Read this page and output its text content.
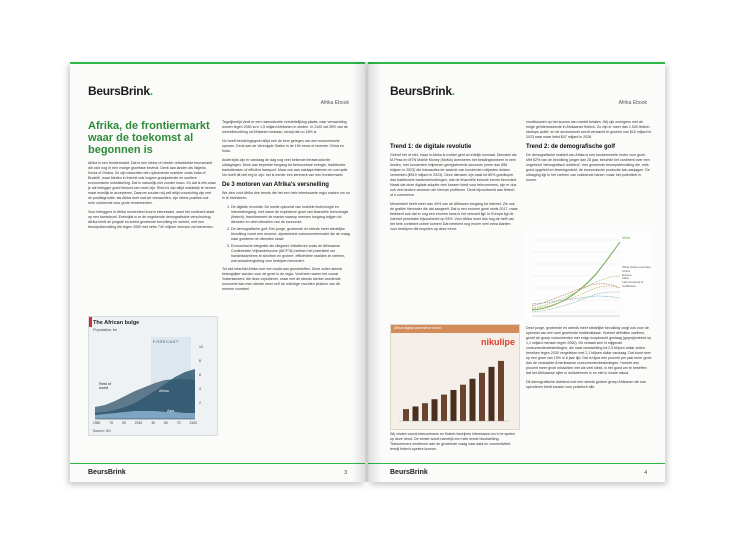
BeursBrink.
Afrika Ebook

Afrika, de frontiermarkt waar de toekomst al begonnen is

Afrika is een frontiermarkt. Dat is een kleine of minder ontwikkelde beursmarkt die zich nog in een vroege groeifase bevindt. Denk aan landen als Nigeria, Kenia of Ghana. Ze zijn misschien den opkomende markten zoals India of Brazilië, maar bieden in theorie ook hogere groeipotentie en snellere economische ontwikkeling. Dat is natuurlijk niet zonder risico. En dat is iets waar je als belegger goed bewust van moet zijn. Risico's zijn altijd makkelijk te nemen maar moeilijk te accepteren. Daarom zouden wij zelf altijd voorzichtig zijn met de positiegrootte: als Afrika doet wat we verwachten, zijn kleine posities ook ruim voldoende voor grote rendementen.

Voor beleggers is Afrika momenteel enorm interessant, want het continent staat op een kantelpunt. Enerzijds is er de ongekende demografische verschuiving. Afrika heeft de jongste en snelst groeiende bevolking ter wereld, met een beroepsbevolking die tegen 2050 met netto 740 miljoen mensen zal toenemen.

The African bulge
Population, bn
FORECAST
Rest of world
Africa
Asia
10
8
6
4
2
1950	70	90	2010	30	50	70	2100
Source: UN

Tegelijkertijd vindt er een razendsnelle verstedelijking plaats; naar verwachting wonen tegen 2050 zo'n 1,5 miljard Afrikanen in steden. In 2100 zal 39% van de wereldbevolking uit Afrikanen bestaan, terwijl dat nu 18% is.

Nu heeft bevolkingsgroei altijd een de kern gelegen van een economische opmars. Denk aan de Verenigde Staten in de 19e eeuw of recenter China en India.

Anderzijds zijn er vandaag de dag nog veel bekende infrastructurele uitdagingen. Denk aan beperkte toegang tot betrouwbare energie, traditionele bankdiensten of efficiënt transport. Maar ook aan valutaproblemen en corruptie. Nu hoeft dit niet erg te zijn: het is eerder een kenmerk van een frontiermarkt.

De 3 motoren van Afrika's versnelling

We zien voor Afrika drie trends die het een hele interessante regio maken om nu in te investeren.

1. De digitale revolutie: De snelle opkomst van mobiele technologie en internettoegang, met name de explosieve groei van financiële technologie (fintech), transformeert de manier waarop mensen toegang krijgen tot diensten en deel uitmaken van de economie.
2. De demografische golf: Een jonge, groeiende en steeds meer stedelijke bevolking vormt een enorme, dynamische consumentenmarkt die de vraag naar goederen en diensten stuwt.
3. Economische integratie als vliegwiel: Initiatieven zoals de Afrikaanse Continentale Vrijhandelszone (AfCFTA) hebben het potentieel om handelsbarrières te slechten en grotere, efficiëntere markten te creëren, wat schaalvergroting voor bedrijven bevordert.

Tot slot beschikt Afrika over een scala aan grondstoffen. Deze zullen steeds belangrijker worden voor de groei in de regio. Voorheen waren het vooral 'buitenlanders' die deze exploiteren, maar met de steeds sterker wordende economie kan men steeds meer zelf de volledige vruchten plukken van dit enorme voordeel.

BeursBrink	3
BeursBrink.
Afrika Ebook

Trend 1: de digitale revolutie

Gebruf het of niet, maar in Afrika is mobiel geld al redelijk normaal. Diensten als M-Pesa en MTN Mobile Money (MoMo) domineren het betalingsverkeer in veel landen, met honderden miljoenen geregistreerde accounts (meer dan 856 miljoen in 2023) die transacties ter waarde van honderden miljarden dollars verwerken ($919 miljard in 2023). Deze diensten zijn vaak tot 80% goedkoper dan traditionele bankoverboekingen, wat de financiële inclusie enorm bevordert. Naast dat deze digitale adoptie veel kansen biedt voor telecommers, zijn er dus ook veel andere sectoren die hiervan profiteren. Denk bijvoorbeeld aan fintech of e-commerce.

Momenteel heeft meer dan 40% van de Afrikanen toegang tot internet. Zie ook de grafiek hieronder die dat aangeeft. Dat is een enorme groei sinds 2017, maar betekent ook dat er nog een enorme kans is het versnelt ligt. In Europa ligt de internet penetratie bijvoorbeeld op 93%. Voor Afrika moet dus nog de helft van het hele continent online komen! Dat betekent nog enorm veel extra klanten voor bedrijven die inspelen op deze trend.

Africa digital commerce boom
nikulipe

Wij vinden vooral telecommers en fintech bedrijven interessant om in te spelen op deze trend. De eerste wordt namelijk een hele brede blootstelling. Telecommers verdienen aan de groeiende vraag naar data en connectiviteit, terwijl fintech-spelers kunnen

voortbouwen op het succes van mobiel betalen. Wij zijn overigens met de enige geïnteresseerde in Afrikaanse fintech. Zo zijn er meer dan 1.000 fintech startups actief, en de sectoromzet wordt verwacht te groeien van $10 miljard in 2023 naar maar liefst $47 miljard in 2028.

Trend 2: de demografische golf

De demografische realiteit van Afrika is een fundamentele motor voor groei. Met 62% van de bevolking jonger dan 25 jaar, beschikt het continent over een ongekend 'demografisch dividend': een groeiende beroepsbevolking die, mits goed opgeleid en tewerkgesteld, de economische productie kan aanjagen. De uitdaging ligt in het creëren van voldoende banen, maar het potentieel is enorm.

Africa
Other Asian countries
China
Europe
India
Latin America & Caribbean

Deze jonge, groeiende en steeds meer stedelijke bevolking zorgt ook voor de opkomst van een snel groeiende middenklasse. Hoewel definities variëren, groeit de groep consumenten met enige koopkracht gestaag (geprojecteerd op 1,1 miljard mensen tegen 2060). Dit vertaalt zich in stijgende consumentenbestedingen, die naar verwachting tot 2,5 biljoen dollar zullen bereiken tegen 2030 vergeleken met 2,1 biljoen dollar vandaag. Dat komt neer op een groei van 19% in 8 jaar tijd. Dat is bijna een procent per jaar meer groei dan de verwachte Amerikaanse consumentenbestedingen. Hoewel een procent meer groei misschien niet als veel klinkt, is het goed om te beseffen dat het Afrikaanse cijfer in dollartermen is en niet in lokale valuta.

Dit demografische dividend met een steeds grotere groep Afrikanen die kan spenderen biedt kansen voor praktisch alle

BeursBrink	4
